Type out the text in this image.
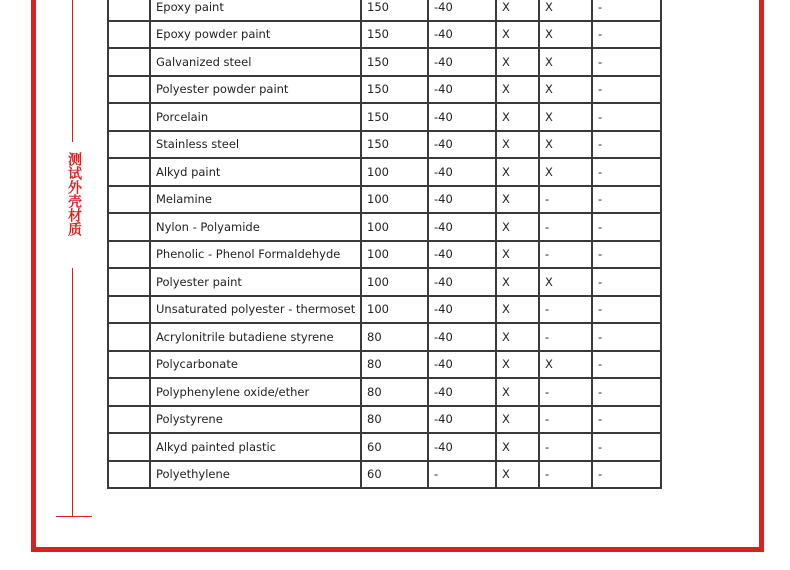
测试外壳材质
	Epoxy paint	150	-40	X	X	-
	Epoxy powder paint	150	-40	X	X	-
	Galvanized steel	150	-40	X	X	-
	Polyester powder paint	150	-40	X	X	-
	Porcelain	150	-40	X	X	-
	Stainless steel	150	-40	X	X	-
	Alkyd paint	100	-40	X	X	-
	Melamine	100	-40	X	-	-
	Nylon - Polyamide	100	-40	X	-	-
	Phenolic - Phenol Formaldehyde	100	-40	X	-	-
	Polyester paint	100	-40	X	X	-
	Unsaturated polyester - thermoset	100	-40	X	-	-
	Acrylonitrile butadiene styrene	80	-40	X	-	-
	Polycarbonate	80	-40	X	X	-
	Polyphenylene oxide/ether	80	-40	X	-	-
	Polystyrene	80	-40	X	-	-
	Alkyd painted plastic	60	-40	X	-	-
	Polyethylene	60	-	X	-	-
